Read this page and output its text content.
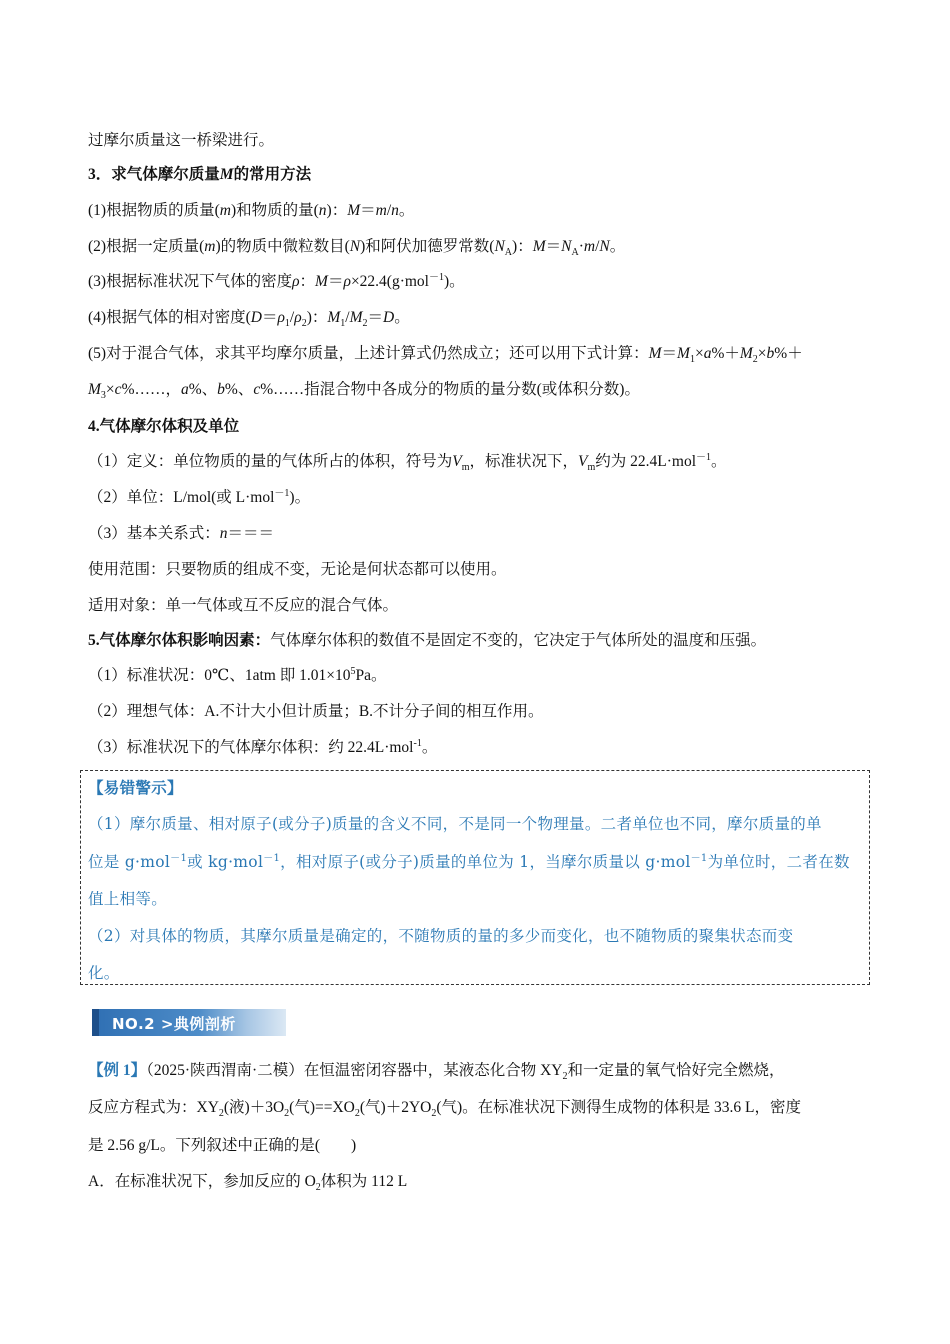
过摩尔质量这一桥梁进行。
3．求气体摩尔质量M的常用方法
(1)根据物质的质量(m)和物质的量(n)：M＝m/n。
(2)根据一定质量(m)的物质中微粒数目(N)和阿伏加德罗常数$(N_A)$：$M=N_A\cdot m/N$。
(3)根据标准状况下气体的密度ρ：M＝ρ×22.4(g·mol$^{-1}$)。
(4)根据气体的相对密度$(D=\rho_1/\rho_2)$：$M_1/M_2=D$。
(5)对于混合气体，求其平均摩尔质量，上述计算式仍然成立；还可以用下式计算：$M=M_1\times a\%+M_2\times b\%+$
$M_3\times c\%\dots\dots$，a%、b%、c%……指混合物中各成分的物质的量分数(或体积分数)。
4.气体摩尔体积及单位
（1）定义：单位物质的量的气体所占的体积，符号为$V_m$，标准状况下，$V_m$约为 22.4L·mol$^{-1}$。
（2）单位：L/mol(或 L·mol$^{-1}$)。
（3）基本关系式：n＝＝＝
使用范围：只要物质的组成不变，无论是何状态都可以使用。
适用对象：单一气体或互不反应的混合气体。
5.气体摩尔体积影响因素：气体摩尔体积的数值不是固定不变的，它决定于气体所处的温度和压强。
（1）标准状况：0℃、1atm 即 $1.01\times 10^5Pa$。
（2）理想气体：A.不计大小但计质量；B.不计分子间的相互作用。
（3）标准状况下的气体摩尔体积：约 22.4L·mol$^{-1}$。
【易错警示】
（1）摩尔质量、相对原子(或分子)质量的含义不同，不是同一个物理量。二者单位也不同，摩尔质量的单
位是 g·mol$^{-1}$或 kg·mol$^{-1}$，相对原子(或分子)质量的单位为 1，当摩尔质量以 g·mol$^{-1}$为单位时，二者在数
值上相等。
（2）对具体的物质，其摩尔质量是确定的，不随物质的量的多少而变化，也不随物质的聚集状态而变
化。
NO.2 >典例剖析
【例 1】（2025·陕西渭南·二模）在恒温密闭容器中，某液态化合物 $XY_2$和一定量的氧气恰好完全燃烧，
反应方程式为：$XY_2$(液)$+3O_2$(气)$==XO_2$(气)$+2YO_2$(气)。在标准状况下测得生成物的体积是 33.6 L，密度
是 2.56 g/L。下列叙述中正确的是(　　)
A．在标准状况下，参加反应的 $O_2$体积为 112 L
